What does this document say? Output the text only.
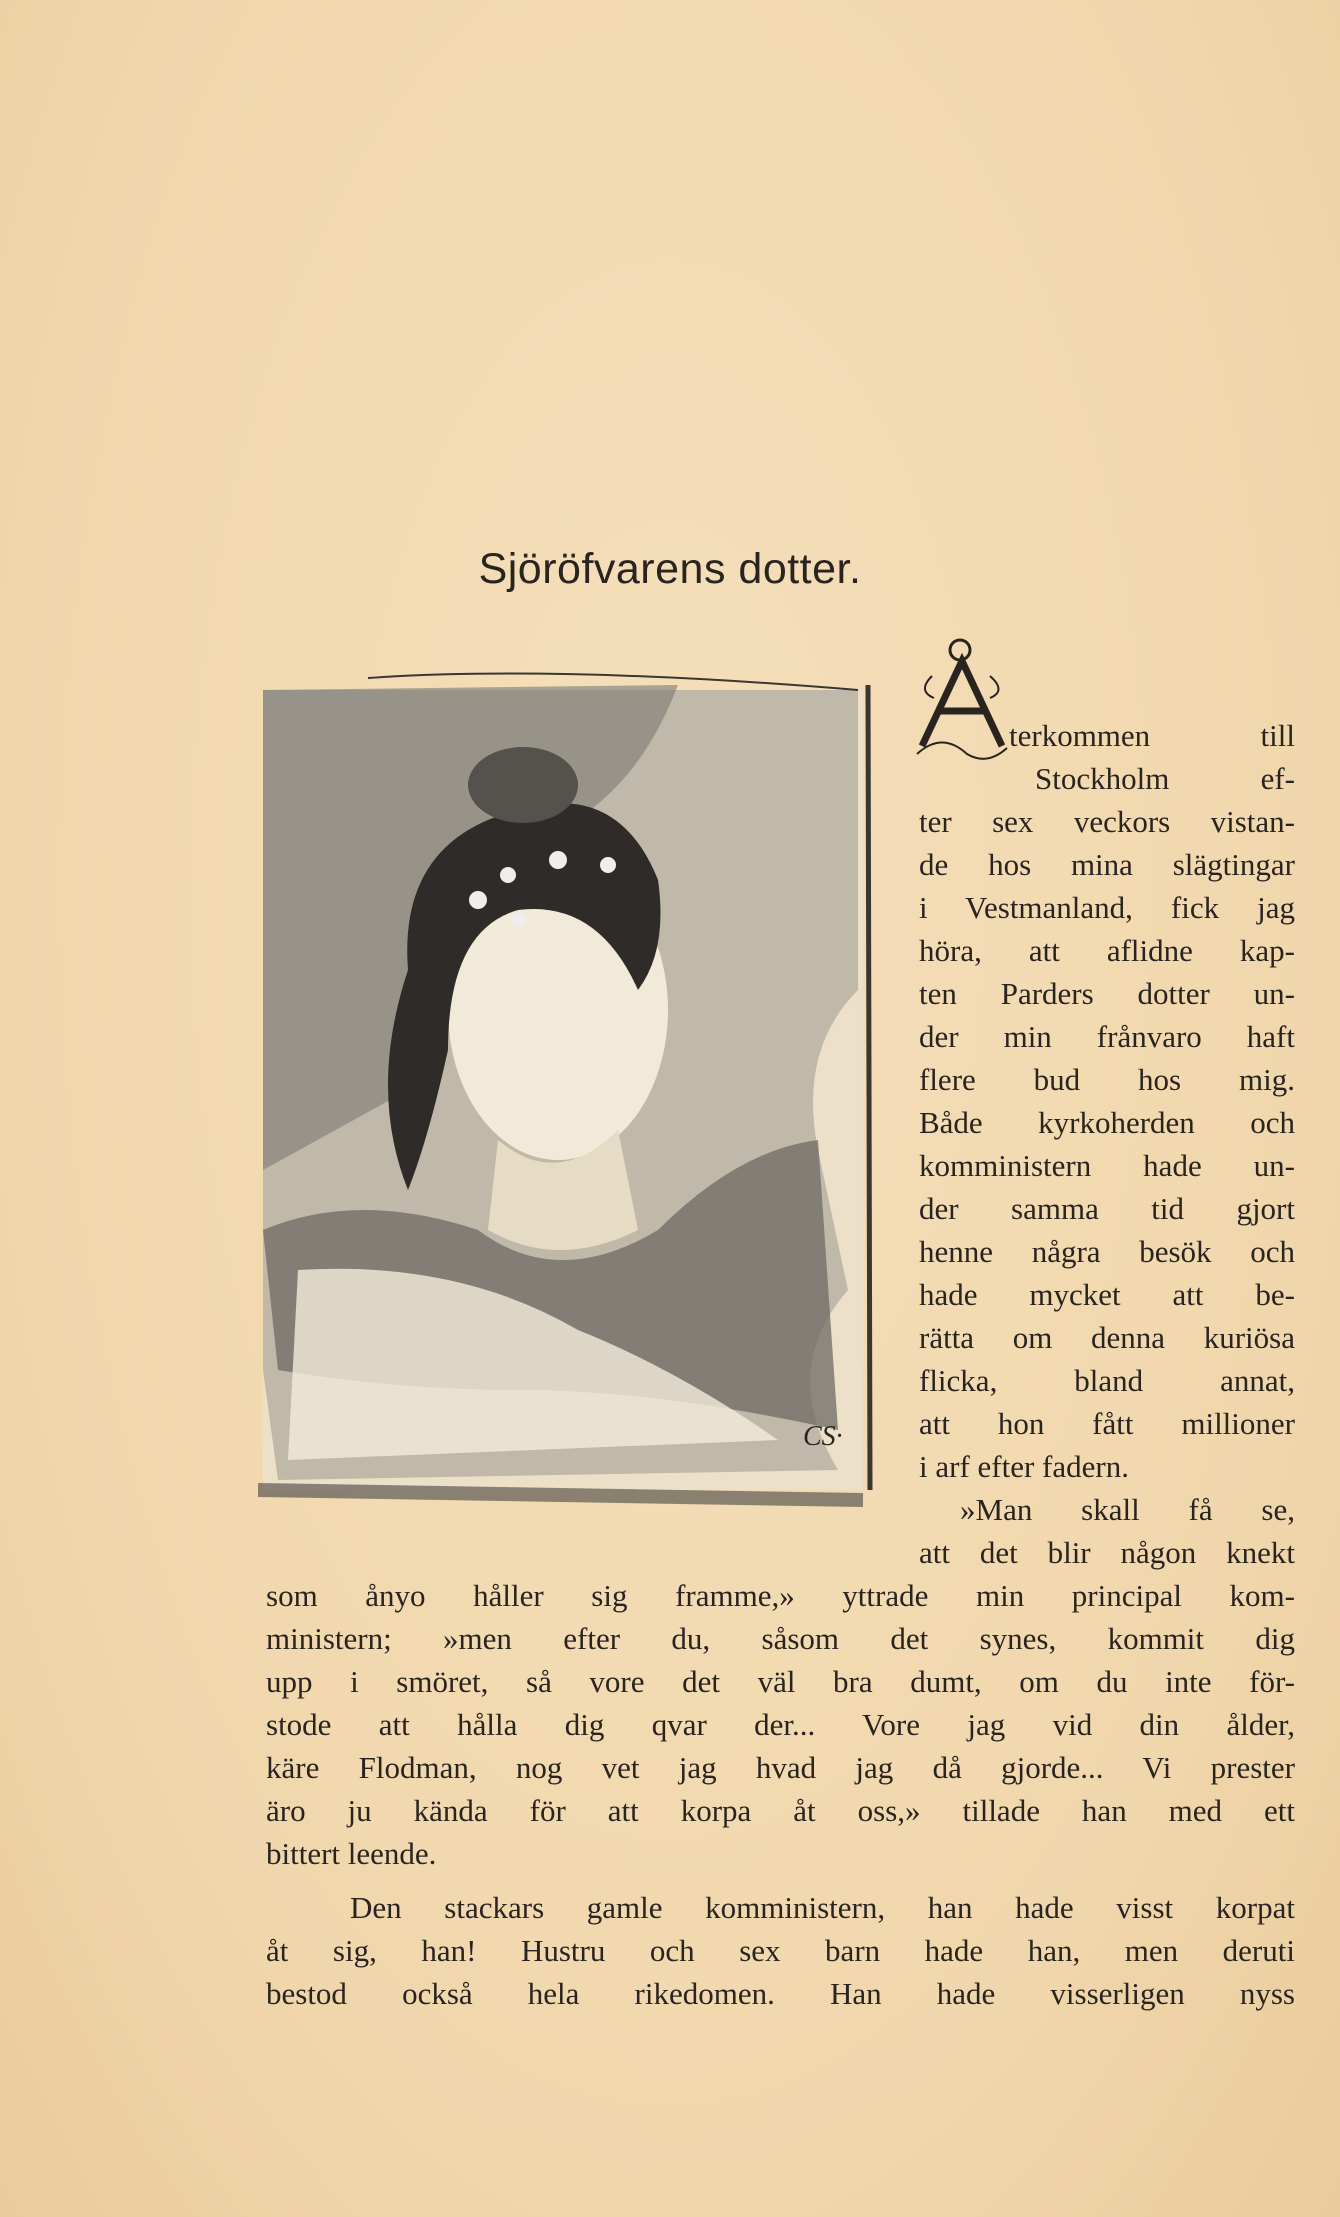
Sjöröfvarens dotter.
CS·
terkommen till
Stockholm ef-
ter sex veckors vistan-
de hos mina slägtingar
i Vestmanland, fick jag
höra, att aflidne kap-
ten Parders dotter un-
der min frånvaro haft
flere bud hos mig.
Både kyrkoherden och
komministern hade un-
der samma tid gjort
henne några besök och
hade mycket att be-
rätta om denna kuriösa
flicka, bland annat,
att hon fått millioner
i arf efter fadern.
»Man skall få se,
att det blir någon knekt
som ånyo håller sig framme,» yttrade min principal kom-
ministern; »men efter du, såsom det synes, kommit dig
upp i smöret, så vore det väl bra dumt, om du inte för-
stode att hålla dig qvar der... Vore jag vid din ålder,
käre Flodman, nog vet jag hvad jag då gjorde... Vi prester
äro ju kända för att korpa åt oss,» tillade han med ett
bittert leende.
Den stackars gamle komministern, han hade visst korpat
åt sig, han! Hustru och sex barn hade han, men deruti
bestod också hela rikedomen. Han hade visserligen nyss
